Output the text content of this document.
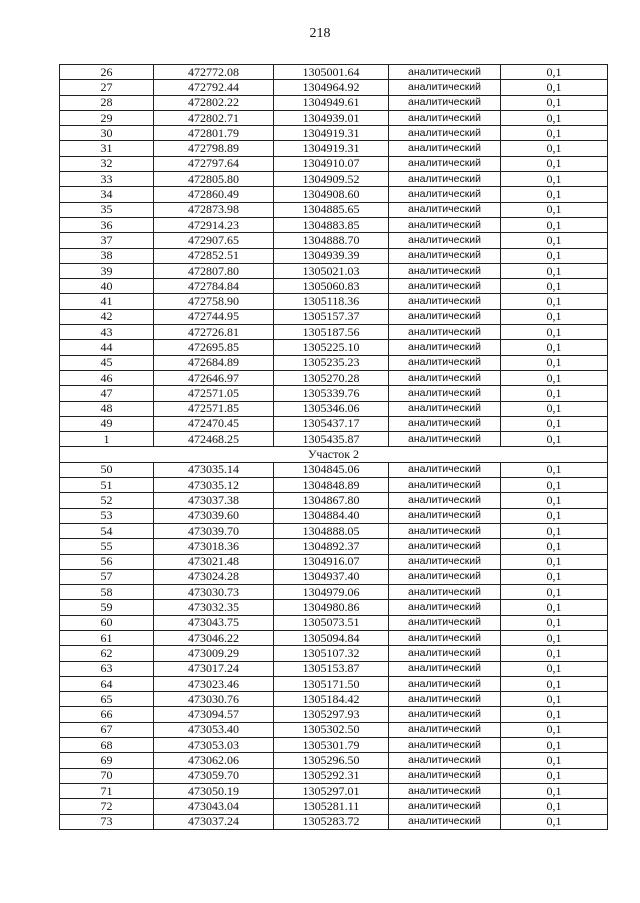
218
26	472772.08	1305001.64	аналитический	0,1
27	472792.44	1304964.92	аналитический	0,1
28	472802.22	1304949.61	аналитический	0,1
29	472802.71	1304939.01	аналитический	0,1
30	472801.79	1304919.31	аналитический	0,1
31	472798.89	1304919.31	аналитический	0,1
32	472797.64	1304910.07	аналитический	0,1
33	472805.80	1304909.52	аналитический	0,1
34	472860.49	1304908.60	аналитический	0,1
35	472873.98	1304885.65	аналитический	0,1
36	472914.23	1304883.85	аналитический	0,1
37	472907.65	1304888.70	аналитический	0,1
38	472852.51	1304939.39	аналитический	0,1
39	472807.80	1305021.03	аналитический	0,1
40	472784.84	1305060.83	аналитический	0,1
41	472758.90	1305118.36	аналитический	0,1
42	472744.95	1305157.37	аналитический	0,1
43	472726.81	1305187.56	аналитический	0,1
44	472695.85	1305225.10	аналитический	0,1
45	472684.89	1305235.23	аналитический	0,1
46	472646.97	1305270.28	аналитический	0,1
47	472571.05	1305339.76	аналитический	0,1
48	472571.85	1305346.06	аналитический	0,1
49	472470.45	1305437.17	аналитический	0,1
1	472468.25	1305435.87	аналитический	0,1
Участок 2				
50	473035.14	1304845.06	аналитический	0,1
51	473035.12	1304848.89	аналитический	0,1
52	473037.38	1304867.80	аналитический	0,1
53	473039.60	1304884.40	аналитический	0,1
54	473039.70	1304888.05	аналитический	0,1
55	473018.36	1304892.37	аналитический	0,1
56	473021.48	1304916.07	аналитический	0,1
57	473024.28	1304937.40	аналитический	0,1
58	473030.73	1304979.06	аналитический	0,1
59	473032.35	1304980.86	аналитический	0,1
60	473043.75	1305073.51	аналитический	0,1
61	473046.22	1305094.84	аналитический	0,1
62	473009.29	1305107.32	аналитический	0,1
63	473017.24	1305153.87	аналитический	0,1
64	473023.46	1305171.50	аналитический	0,1
65	473030.76	1305184.42	аналитический	0,1
66	473094.57	1305297.93	аналитический	0,1
67	473053.40	1305302.50	аналитический	0,1
68	473053.03	1305301.79	аналитический	0,1
69	473062.06	1305296.50	аналитический	0,1
70	473059.70	1305292.31	аналитический	0,1
71	473050.19	1305297.01	аналитический	0,1
72	473043.04	1305281.11	аналитический	0,1
73	473037.24	1305283.72	аналитический	0,1
